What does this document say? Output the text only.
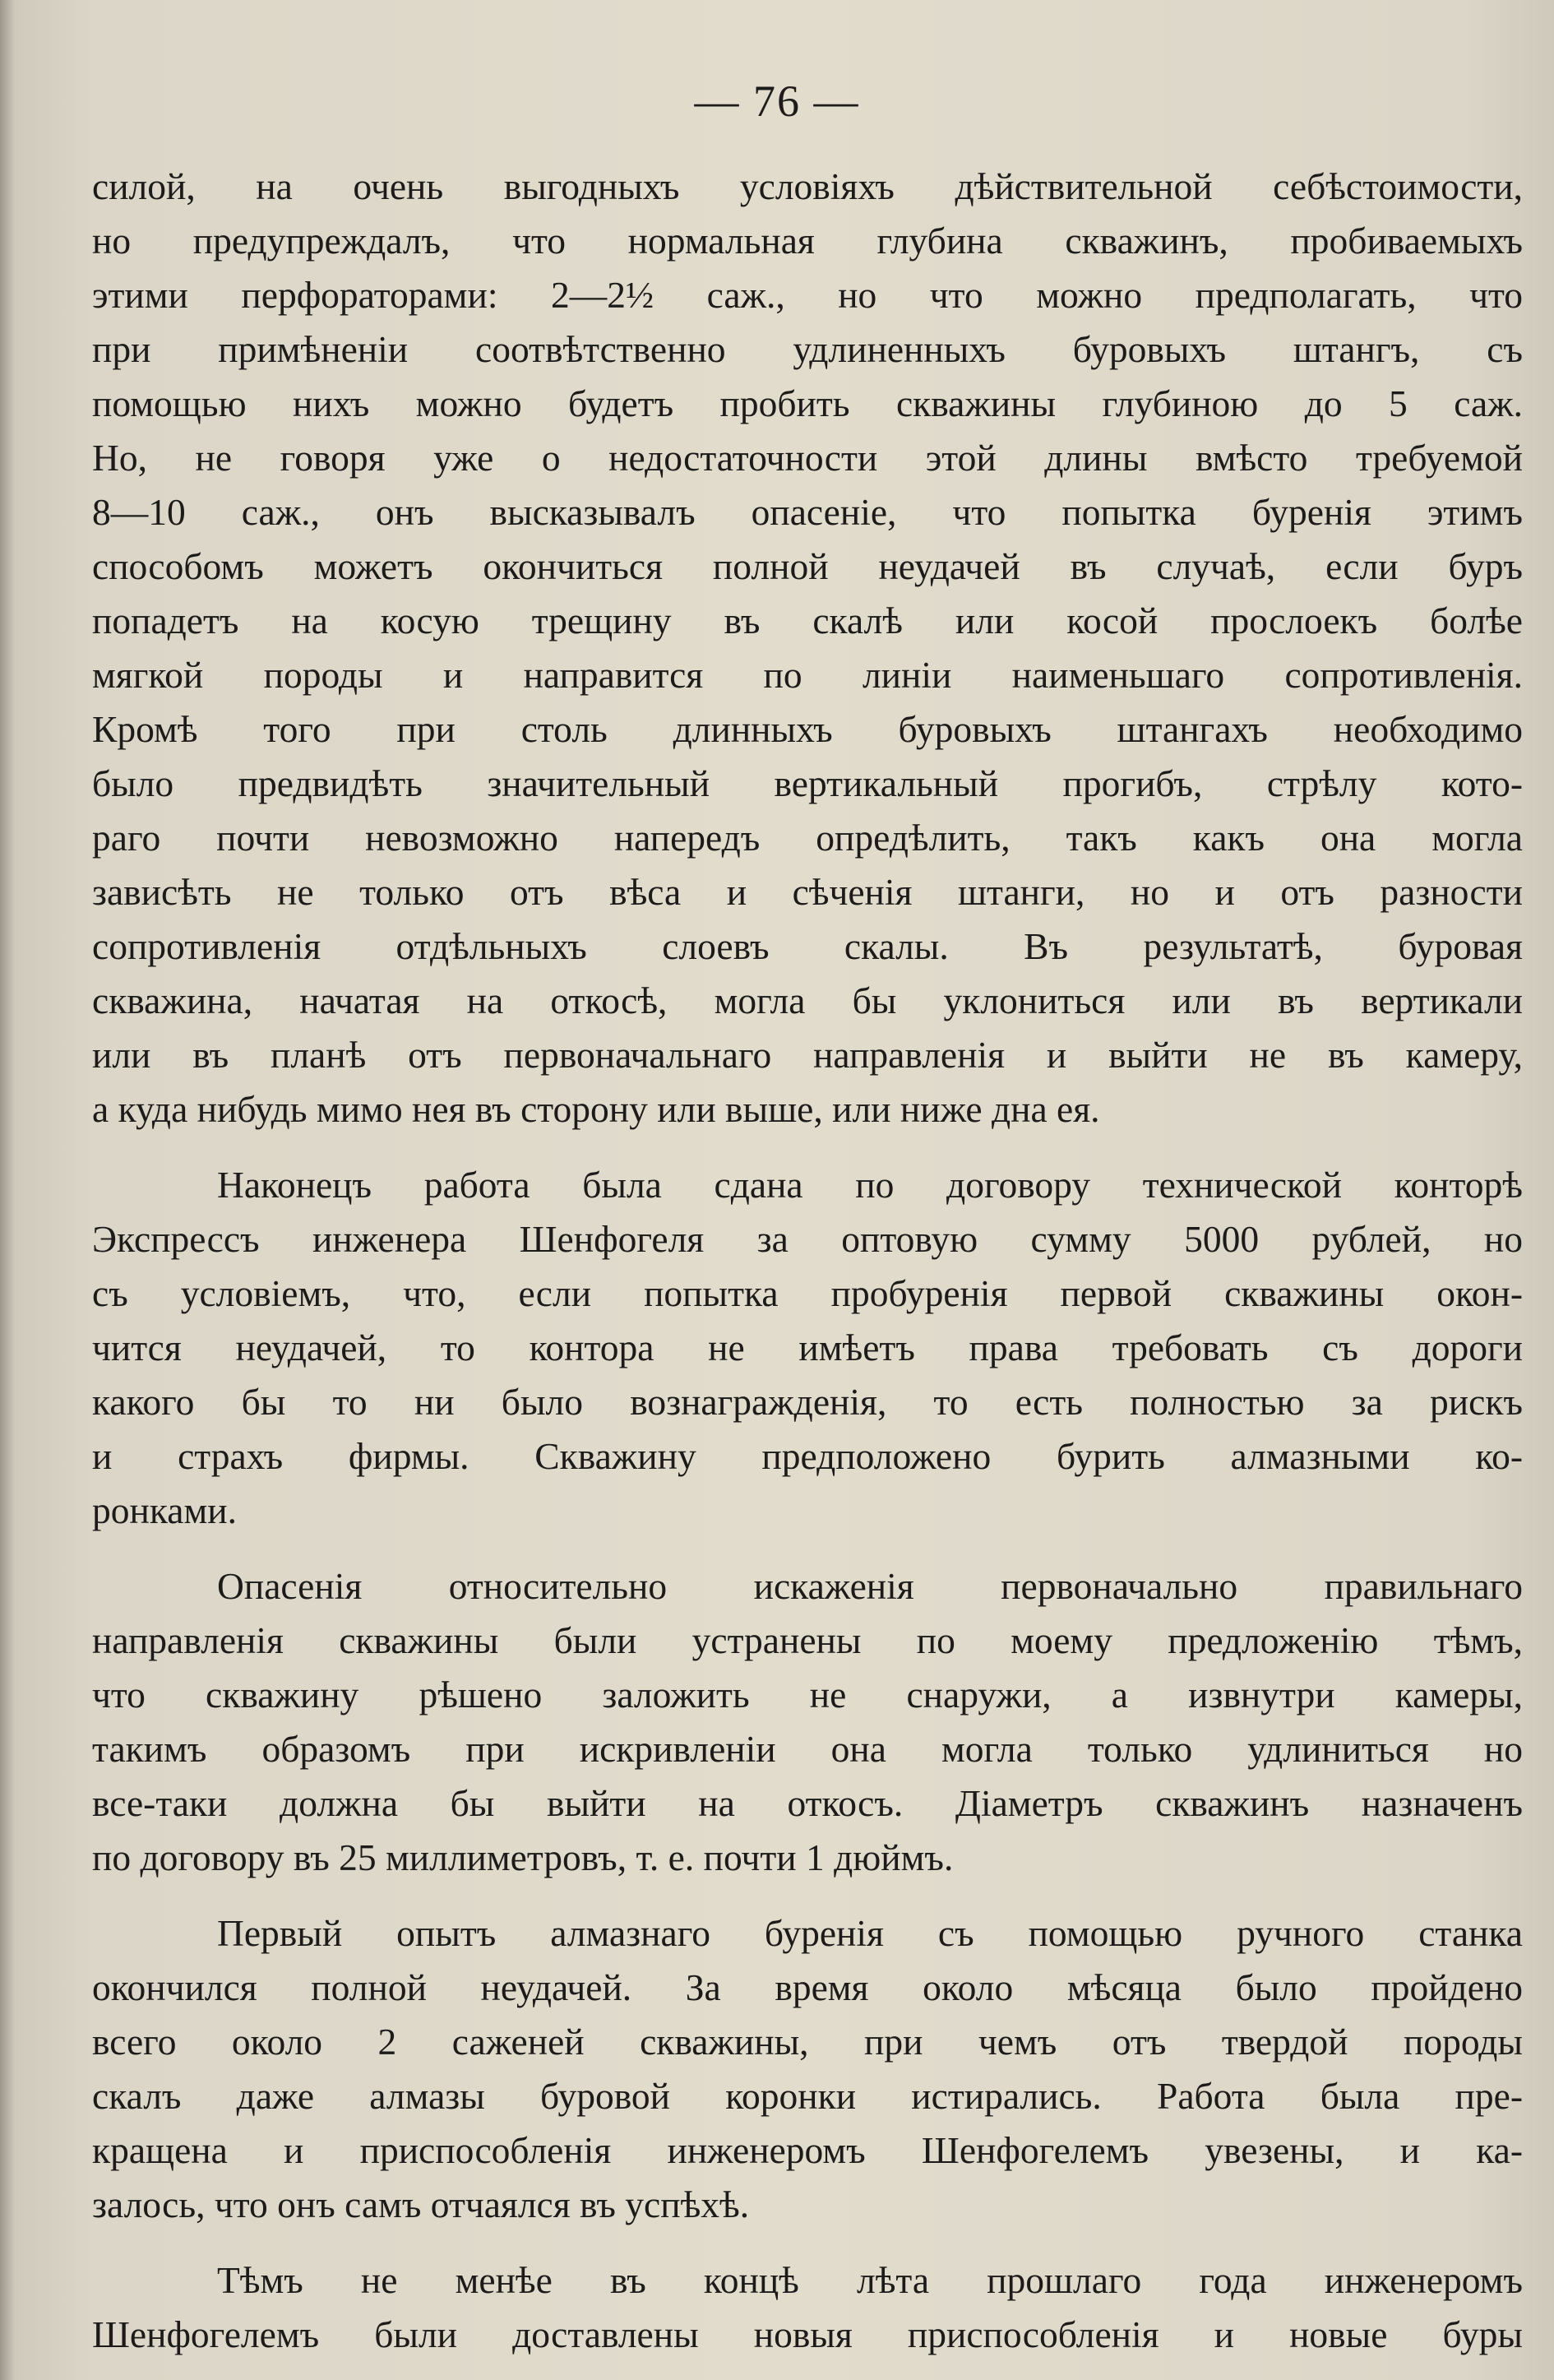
— 76 —
силой, на очень выгодныхъ условіяхъ дѣйствительной себѣстоимости,
но предупреждалъ, что нормальная глубина скважинъ, пробиваемыхъ
этими перфораторами: 2—2½ саж., но что можно предполагать, что
при примѣненіи соотвѣтственно удлиненныхъ буровыхъ штангъ, съ
помощью нихъ можно будетъ пробить скважины глубиною до 5 саж.
Но, не говоря уже о недостаточности этой длины вмѣсто требуемой
8—10 саж., онъ высказывалъ опасеніе, что попытка буренія этимъ
способомъ можетъ окончиться полной неудачей въ случаѣ, если буръ
попадетъ на косую трещину въ скалѣ или косой прослоекъ болѣе
мягкой породы и направится по линіи наименьшаго сопротивленія.
Кромѣ того при столь длинныхъ буровыхъ штангахъ необходимо
было предвидѣть значительный вертикальный прогибъ, стрѣлу кото-
раго почти невозможно напередъ опредѣлить, такъ какъ она могла
зависѣть не только отъ вѣса и сѣченія штанги, но и отъ разности
сопротивленія отдѣльныхъ слоевъ скалы. Въ результатѣ, буровая
скважина, начатая на откосѣ, могла бы уклониться или въ вертикали
или въ планѣ отъ первоначальнаго направленія и выйти не въ камеру,
а куда нибудь мимо нея въ сторону или выше, или ниже дна ея.
Наконецъ работа была сдана по договору технической конторѣ
Экспрессъ инженера Шенфогеля за оптовую сумму 5000 рублей, но
съ условіемъ, что, если попытка пробуренія первой скважины окон-
чится неудачей, то контора не имѣетъ права требовать съ дороги
какого бы то ни было вознагражденія, то есть полностью за рискъ
и страхъ фирмы. Скважину предположено бурить алмазными ко-
ронками.
Опасенія относительно искаженія первоначально правильнаго
направленія скважины были устранены по моему предложенію тѣмъ,
что скважину рѣшено заложить не снаружи, а извнутри камеры,
такимъ образомъ при искривленіи она могла только удлиниться но
все-таки должна бы выйти на откосъ. Діаметръ скважинъ назначенъ
по договору въ 25 миллиметровъ, т. е. почти 1 дюймъ.
Первый опытъ алмазнаго буренія съ помощью ручного станка
окончился полной неудачей. За время около мѣсяца было пройдено
всего около 2 саженей скважины, при чемъ отъ твердой породы
скалъ даже алмазы буровой коронки истирались. Работа была пре-
кращена и приспособленія инженеромъ Шенфогелемъ увезены, и ка-
залось, что онъ самъ отчаялся въ успѣхѣ.
Тѣмъ не менѣе въ концѣ лѣта прошлаго года инженеромъ
Шенфогелемъ были доставлены новыя приспособленія и новые буры
